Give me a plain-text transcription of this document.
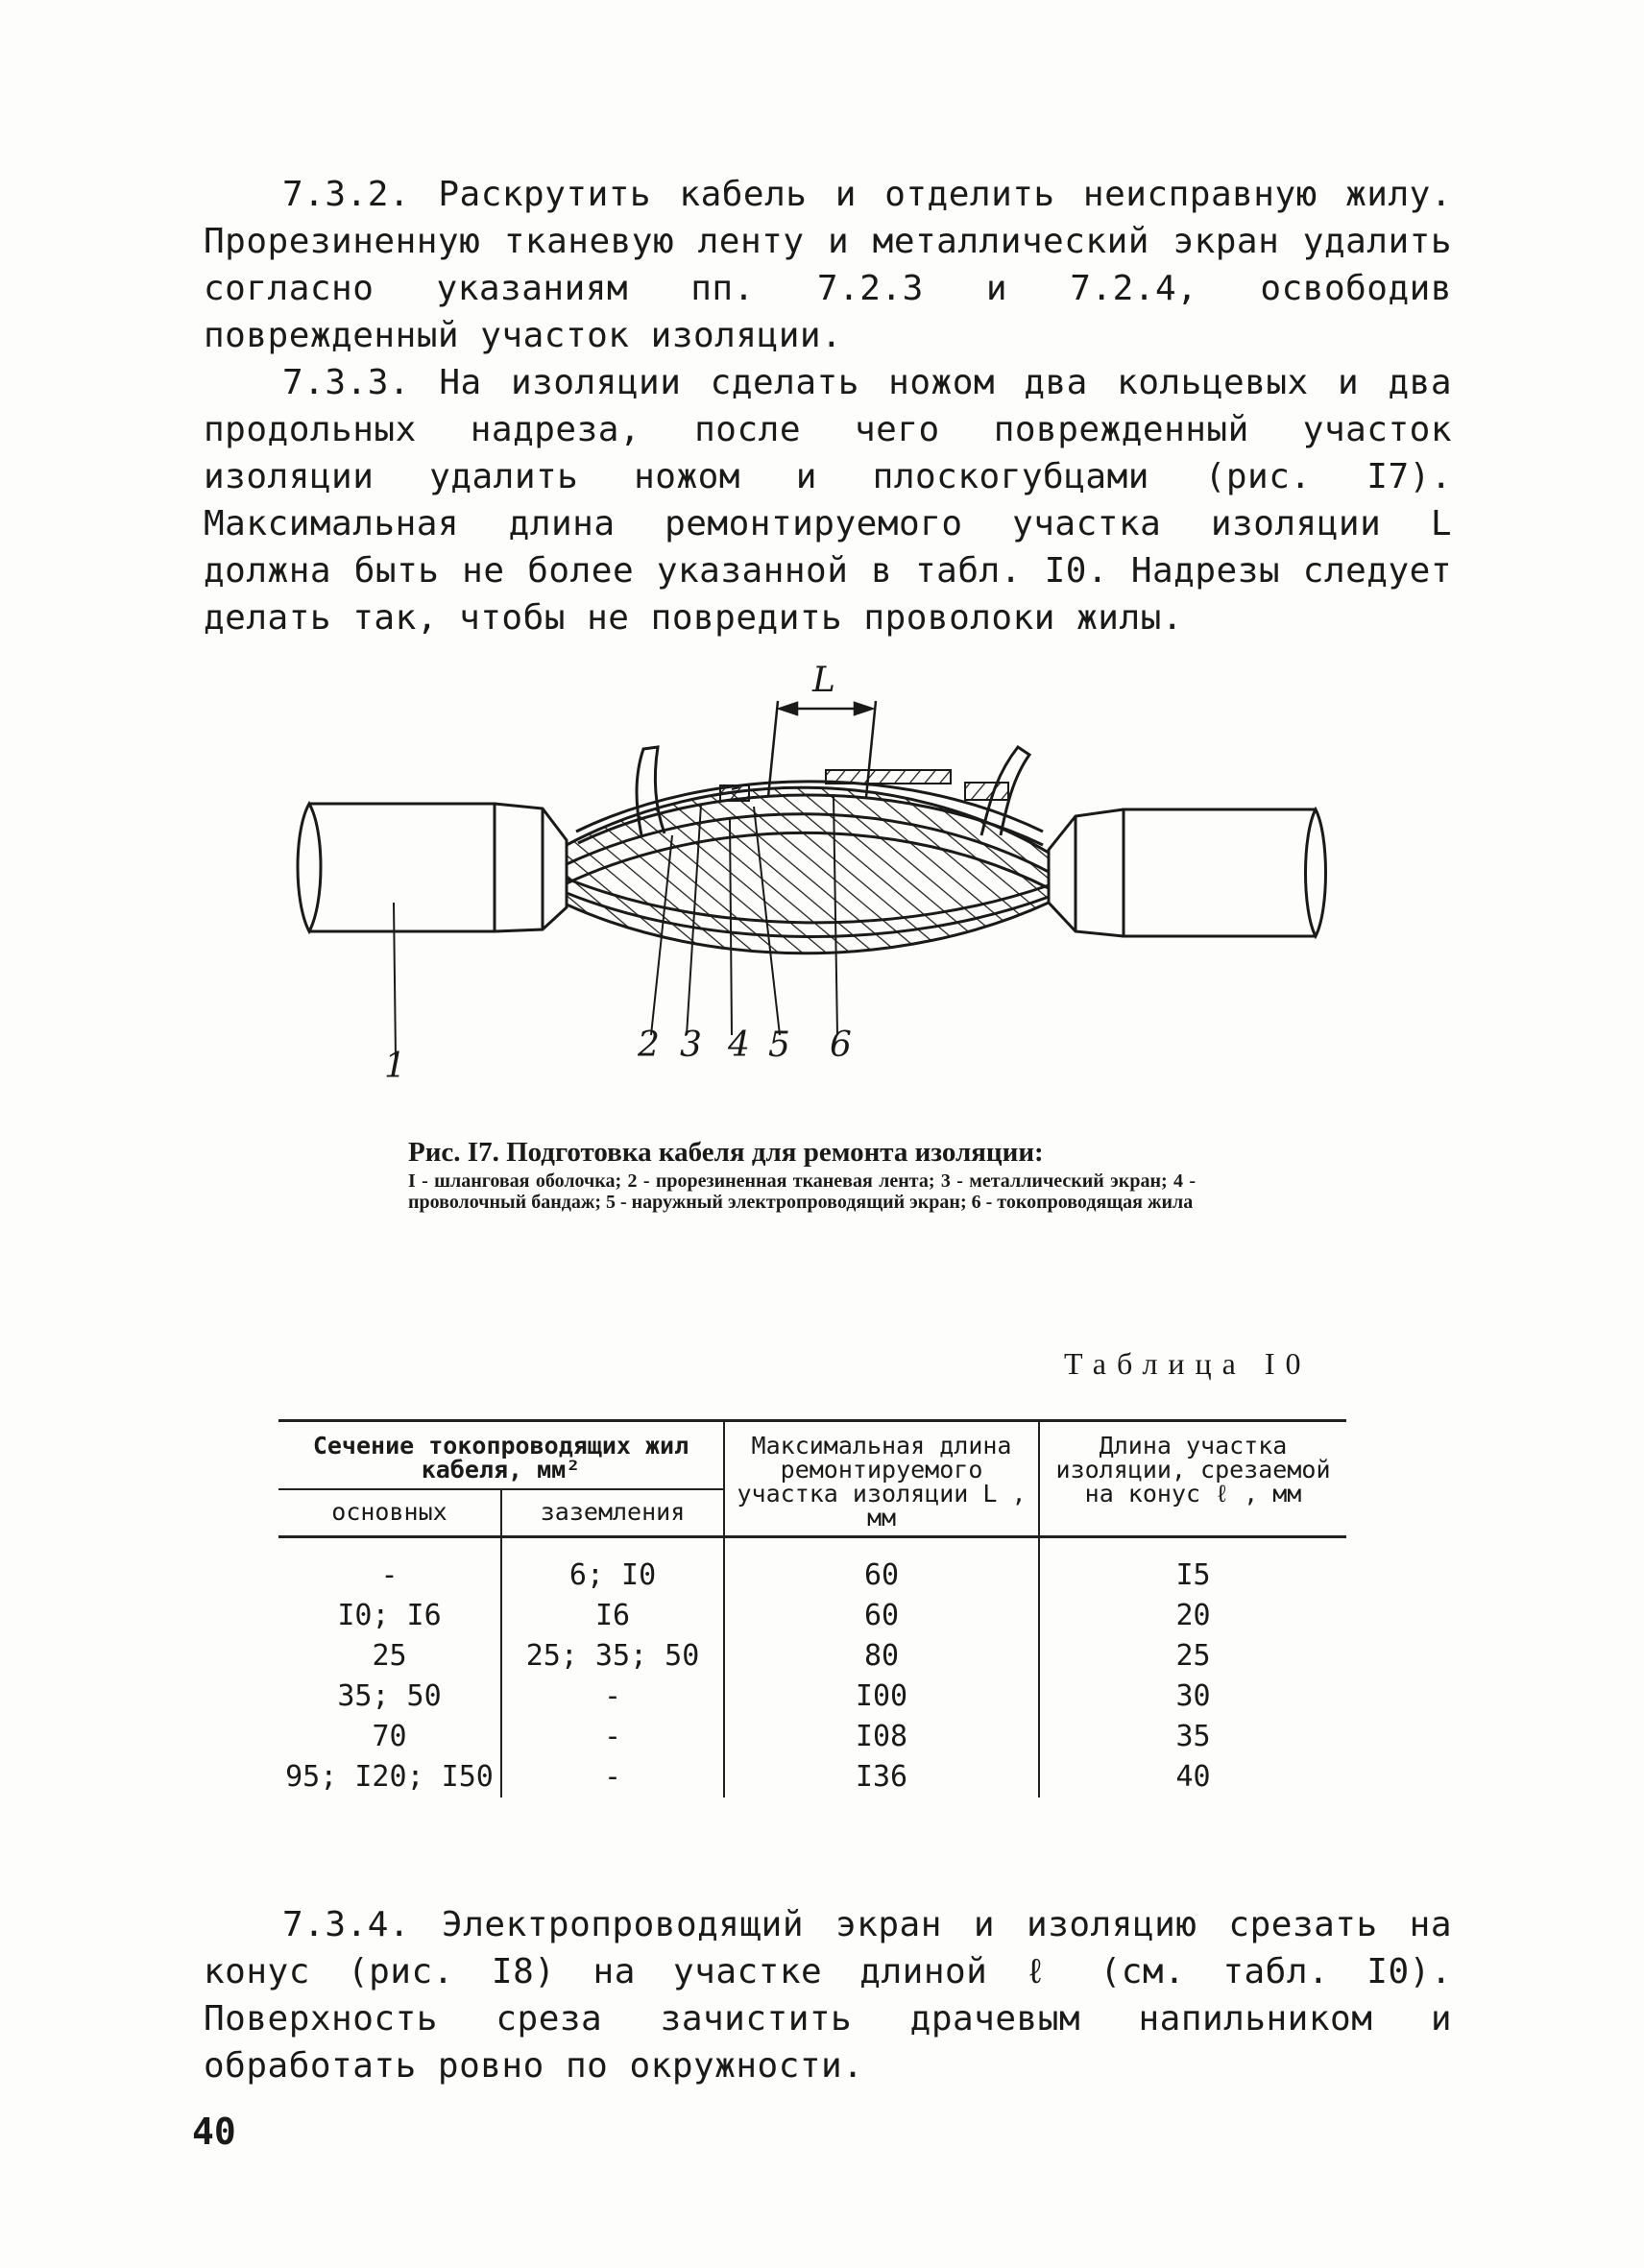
7.3.2. Раскрутить кабель и отделить неисправную жилу. Прорезиненную тканевую ленту и металлический экран удалить согласно указаниям пп. 7.2.3 и 7.2.4, освободив поврежденный участок изоляции.

7.3.3. На изоляции сделать ножом два кольцевых и два продольных надреза, после чего поврежденный участок изоляции удалить ножом и плоскогубцами (рис. I7). Максимальная длина ремонтируемого участка изоляции L должна быть не более указанной в табл. I0. Надрезы следует делать так, чтобы не повредить проволоки жилы.

L
1
2 3 4 5 6

Рис. I7. Подготовка кабеля для ремонта изоляции:

I - шланговая оболочка; 2 - прорезиненная тканевая лента; 3 - металлический экран; 4 - проволочный бандаж; 5 - наружный электропроводящий экран; 6 - токопроводящая жила

Таблица I0
Сечение токопроводящих жил кабеля, мм²		Максимальная длина ремонтируемого участка изоляции L , мм	Длина участка изоляции, срезаемой на конус ℓ , мм
основных	заземления		
-	6; I0	60	I5
I0; I6	I6	60	20
25	25; 35; 50	80	25
35; 50	-	I00	30
70	-	I08	35
95; I20; I50	-	I36	40

7.3.4. Электропроводящий экран и изоляцию срезать на конус (рис. I8) на участке длиной ℓ (см. табл. I0). Поверхность среза зачистить драчевым напильником и обработать ровно по окружности.

40
